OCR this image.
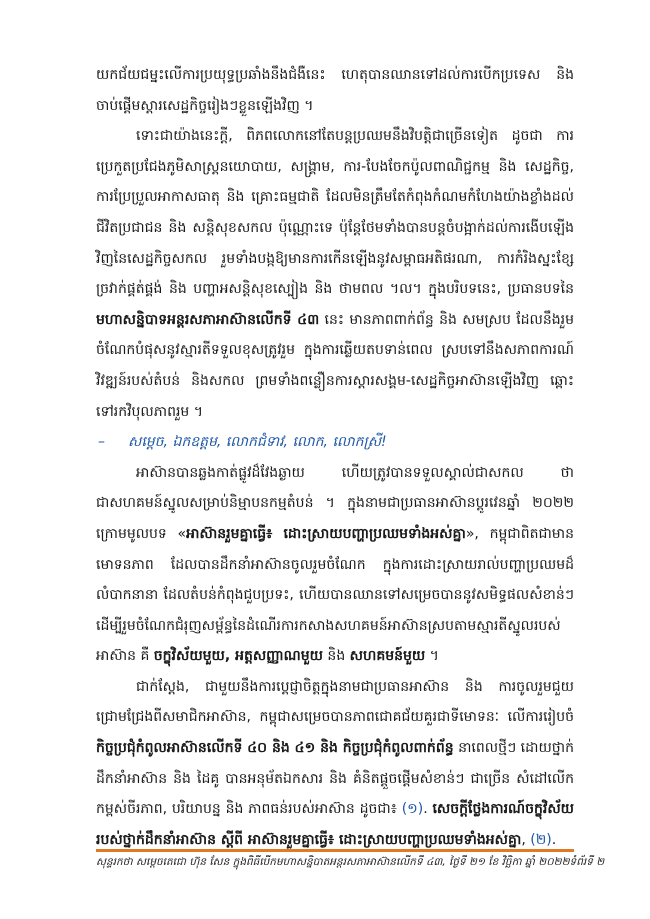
យកជ័យជម្នះលើការប្រយុទ្ធប្រឆាំងនឹងជំងឺនេះ ហេតុបានឈានទៅដល់ការបើកប្រទេស និង ចាប់ផ្តើមស្តារសេដ្ឋកិច្ចរៀងៗខ្លួនឡើងវិញ ។

ទោះជាយ៉ាងនេះក្តី, ពិភពលោកនៅតែបន្តប្រឈមនឹងវិបត្តិជាច្រើនទៀត ដូចជា ការប្រេកួតប្រជែងភូមិសាស្រ្តនយោបាយ, សង្រ្គាម, ការ-បែងចែកប៉ូលពាណិជ្ជកម្ម និង សេដ្ឋកិច្ច, ការប្រែប្រួលអាកាសធាតុ និង គ្រោះធម្មជាតិ ដែលមិនត្រឹមតែកំពុងកំណមកំហែងយ៉ាងខ្លាំងដល់ជីវិតប្រជាជន និង សន្តិសុខសកល ប៉ុណ្ណោះទេ ប៉ុន្តែថែមទាំងបានបន្តចំបង្អាក់ដល់ការងើបឡើងវិញនៃសេដ្ឋកិច្ចសកល រួមទាំងបង្កឱ្យមានការកើនឡើងនូវសម្ពាធអតិផរណា, ការកំរិងស្នះខ្សែច្រវាក់ផ្គត់ផ្គង់ និង បញ្ហាអសន្តិសុខស្បៀង និង ថាមពល ។ល។ ក្នុងបរិបទនេះ, ប្រធានបទនៃ មហាសន្និបាទអន្តរសភាអាស៊ានលើកទី ៤៣ នេះ មានភាពពាក់ព័ន្ធ និង សមស្រប ដែលនឹងរួមចំណែកបំផុសនូវស្មារតីទទួលខុសត្រូវរួម ក្នុងការឆ្លើយតបទាន់ពេល ស្របទៅនឹងសភាពការណ៍វិវឌ្ឍន៍របស់តំបន់ និងសកល ព្រមទាំងពន្លឿនការស្តារសង្គម-សេដ្ឋកិច្ចអាស៊ានឡើងវិញ ឆ្ពោះទៅរកវិបុលភាពរួម ។

– សម្តេច, ឯកឧត្តម, លោកជំទាវ, លោក, លោកស្រី!

អាស៊ានបានឆ្លងកាត់ផ្លូវដ៏វែងឆ្ងាយ ហើយត្រូវបានទទួលស្គាល់ជាសកល ថា ជាសហគមន៍ស្នូលសម្រាប់និម្មាបនកម្មតំបន់ ។ ក្នុងនាមជាប្រធានអាស៊ានប្តូរវេនឆ្នាំ ២០២២ ក្រោមមូលបទ «អាស៊ានរួមគ្នាធ្វើ៖ ដោះស្រាយបញ្ហាប្រឈមទាំងអស់គ្នា», កម្ពុជាពិតជាមានមោទនភាព ដែលបានដឹកនាំអាស៊ានចូលរួមចំណែក ក្នុងការដោះស្រាយរាល់បញ្ហាប្រឈមដ៏លំបាកនានា ដែលតំបន់កំពុងជួបប្រទះ, ហើយបានឈានទៅសម្រេចបាននូវសមិទ្ធផលសំខាន់ៗ ដើម្បីរួមចំណែកជំរុញសម្ព័ន្ធនៃដំណើរការកសាងសហគមន៍អាស៊ានស្របតាមស្មារតីស្នូលរបស់អាស៊ាន គឺ ចក្ខុវិស័យមួយ, អត្តសញ្ញាណមួយ និង សហគមន៍មួយ ។

ជាក់ស្តែង, ជាមួយនឹងការប្តេជ្ញាចិត្តក្នុងនាមជាប្រធានអាស៊ាន និង ការចូលរួមជួយជ្រោមជ្រែងពីសមាជិកអាស៊ាន, កម្ពុជាសម្រេចបានភាពជោគជ័យគួរជាទីមោទនៈ លើការរៀបចំ កិច្ចប្រជុំកំពូលអាស៊ានលើកទី ៤០ និង ៤១ និង កិច្ចប្រជុំកំពូលពាក់ព័ន្ធ នាពេលថ្មីៗ ដោយថ្នាក់ដឹកនាំអាស៊ាន និង ដៃគូ បានអនុម័តឯកសារ និង គំនិតផ្តួចផ្តើមសំខាន់ៗ ជាច្រើន សំដៅលើកកម្ពស់ចីរភាព, បរិយាបន្ន និង ភាពធន់របស់អាស៊ាន ដូចជា៖ (១). សេចក្តីថ្លែងការណ៍ចក្ខុវិស័យរបស់ថ្នាក់ដឹកនាំអាស៊ាន ស្តីពី អាស៊ានរួមគ្នាធ្វើ៖ ដោះស្រាយបញ្ហាប្រឈមទាំងអស់គ្នា, (២).

សុន្ទរកថា សម្តេចតេជោ ហ៊ុន សែន ក្នុងពិធីបើកមហាសន្និបាតអន្តរសភាអាស៊ានលើកទី ៤៣, ថ្ងៃទី ២១ ខែ វិច្ឆិកា ឆ្នាំ ២០២២ ទំព័រទី ២
